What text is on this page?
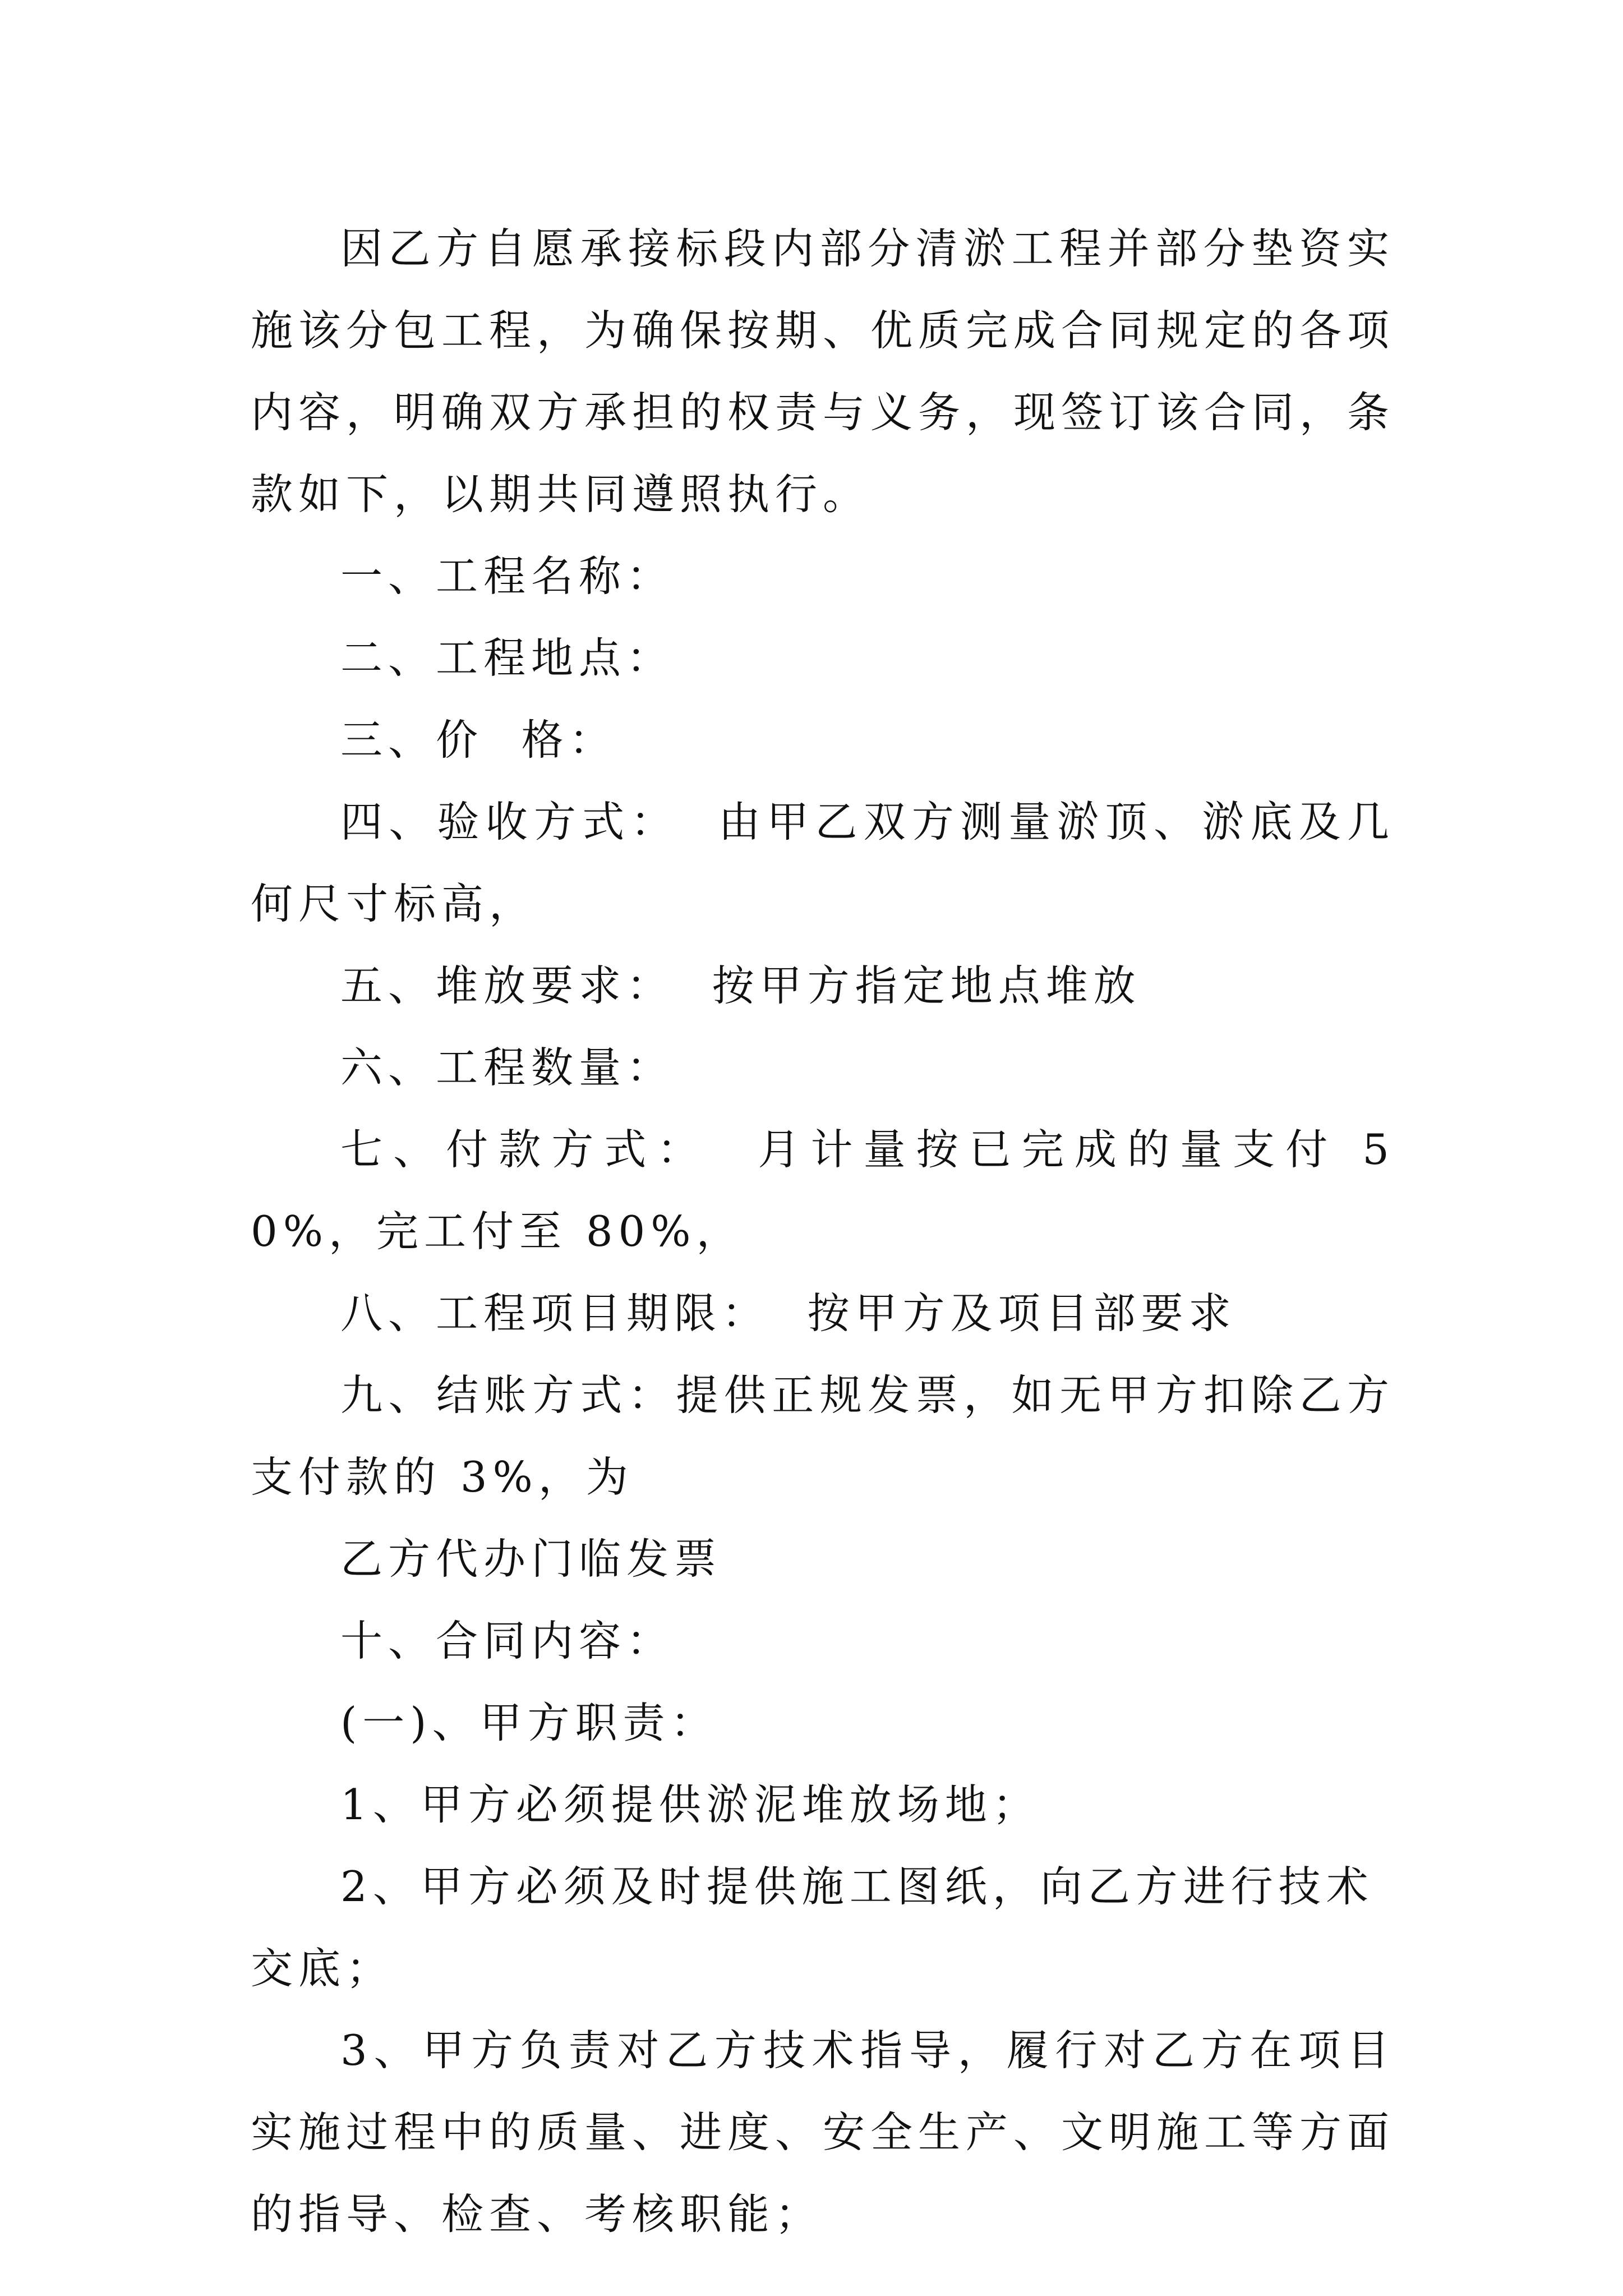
因乙方自愿承接标段内部分清淤工程并部分垫资实施该分包工程，为确保按期、优质完成合同规定的各项内容，明确双方承担的权责与义务，现签订该合同，条款如下，以期共同遵照执行。

一、工程名称：

二、工程地点：

三、价  格：

四、验收方式：  由甲乙双方测量淤顶、淤底及几何尺寸标高，

五、堆放要求：  按甲方指定地点堆放

六、工程数量：

七、付款方式：  月计量按已完成的量支付 50%，完工付至 80%，

八、工程项目期限：  按甲方及项目部要求

九、结账方式：提供正规发票，如无甲方扣除乙方支付款的 3%，为

乙方代办门临发票

十、合同内容：

(一)、甲方职责：

1、甲方必须提供淤泥堆放场地；

2、甲方必须及时提供施工图纸，向乙方进行技术交底；

3、甲方负责对乙方技术指导，履行对乙方在项目实施过程中的质量、进度、安全生产、文明施工等方面的指导、检查、考核职能；
